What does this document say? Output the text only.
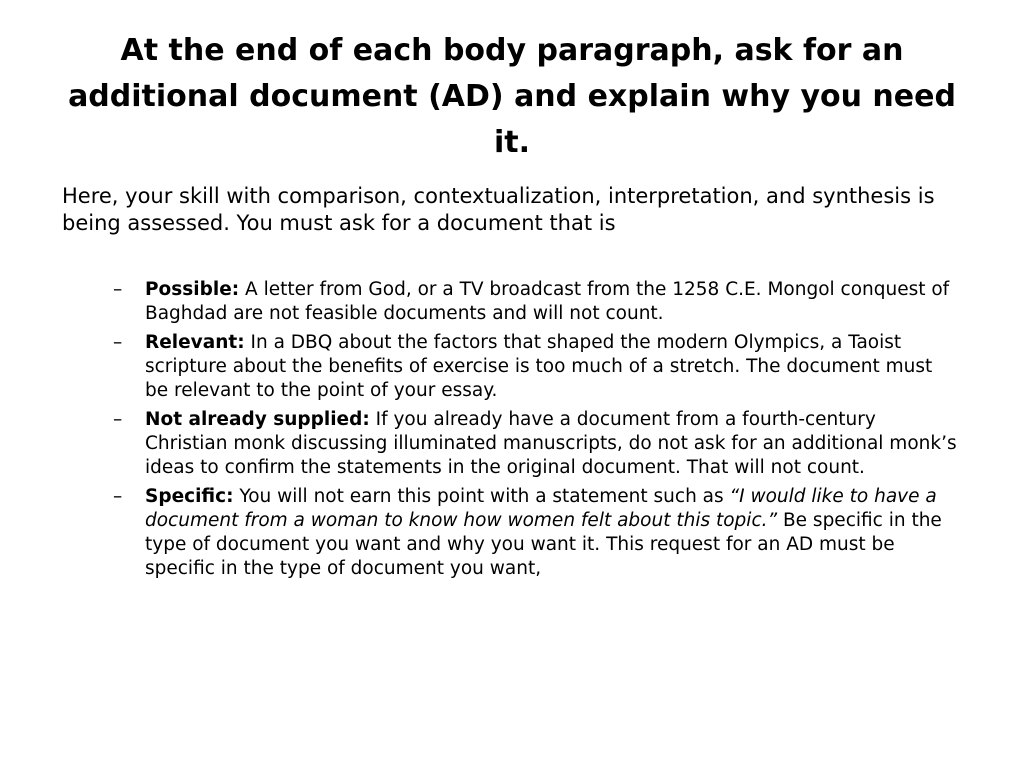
At the end of each body paragraph, ask for an additional document (AD) and explain why you need it.

Here, your skill with comparison, contextualization, interpretation, and synthesis is being assessed. You must ask for a document that is

– Possible: A letter from God, or a TV broadcast from the 1258 C.E. Mongol conquest of Baghdad are not feasible documents and will not count.
– Relevant: In a DBQ about the factors that shaped the modern Olympics, a Taoist scripture about the benefits of exercise is too much of a stretch. The document must be relevant to the point of your essay.
– Not already supplied: If you already have a document from a fourth-century Christian monk discussing illuminated manuscripts, do not ask for an additional monk’s ideas to confirm the statements in the original document. That will not count.
– Specific: You will not earn this point with a statement such as “I would like to have a document from a woman to know how women felt about this topic.” Be specific in the type of document you want and why you want it. This request for an AD must be specific in the type of document you want,
